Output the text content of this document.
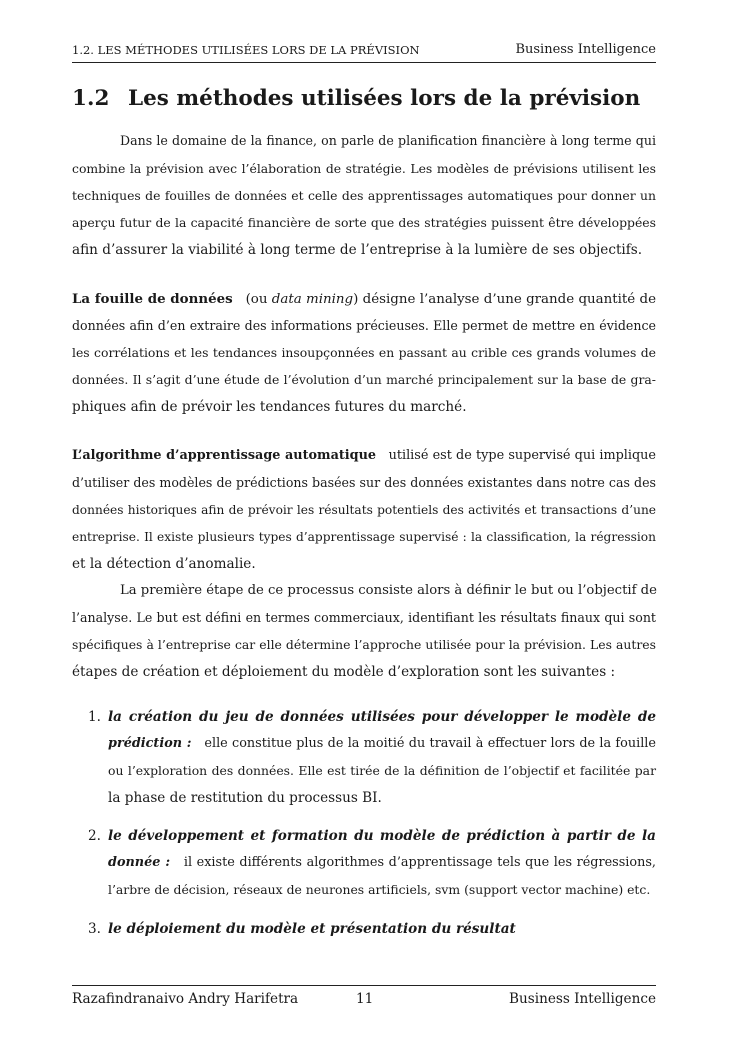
1.2. LES MÉTHODES UTILISÉES LORS DE LA PRÉVISION	Business Intelligence
1.2 Les méthodes utilisées lors de la prévision
Dans le domaine de la finance, on parle de planification financière à long terme qui
combine la prévision avec l’élaboration de stratégie. Les modèles de prévisions utilisent les
techniques de fouilles de données et celle des apprentissages automatiques pour donner un
aperçu futur de la capacité financière de sorte que des stratégies puissent être développées
afin d’assurer la viabilité à long terme de l’entreprise à la lumière de ses objectifs.
La fouille de données (ou data mining) désigne l’analyse d’une grande quantité de
données afin d’en extraire des informations précieuses. Elle permet de mettre en évidence
les corrélations et les tendances insoupçonnées en passant au crible ces grands volumes de
données. Il s’agit d’une étude de l’évolution d’un marché principalement sur la base de gra-
phiques afin de prévoir les tendances futures du marché.
L’algorithme d’apprentissage automatique utilisé est de type supervisé qui implique
d’utiliser des modèles de prédictions basées sur des données existantes dans notre cas des
données historiques afin de prévoir les résultats potentiels des activités et transactions d’une
entreprise. Il existe plusieurs types d’apprentissage supervisé : la classification, la régression
et la détection d’anomalie.
La première étape de ce processus consiste alors à définir le but ou l’objectif de
l’analyse. Le but est défini en termes commerciaux, identifiant les résultats finaux qui sont
spécifiques à l’entreprise car elle détermine l’approche utilisée pour la prévision. Les autres
étapes de création et déploiement du modèle d’exploration sont les suivantes :
1. la création du jeu de données utilisées pour développer le modèle de
prédiction : elle constitue plus de la moitié du travail à effectuer lors de la fouille
ou l’exploration des données. Elle est tirée de la définition de l’objectif et facilitée par
la phase de restitution du processus BI.
2. le développement et formation du modèle de prédiction à partir de la
donnée : il existe différents algorithmes d’apprentissage tels que les régressions,
l’arbre de décision, réseaux de neurones artificiels, svm (support vector machine) etc.
3. le déploiement du modèle et présentation du résultat
Razafindranaivo Andry Harifetra	11	Business Intelligence
